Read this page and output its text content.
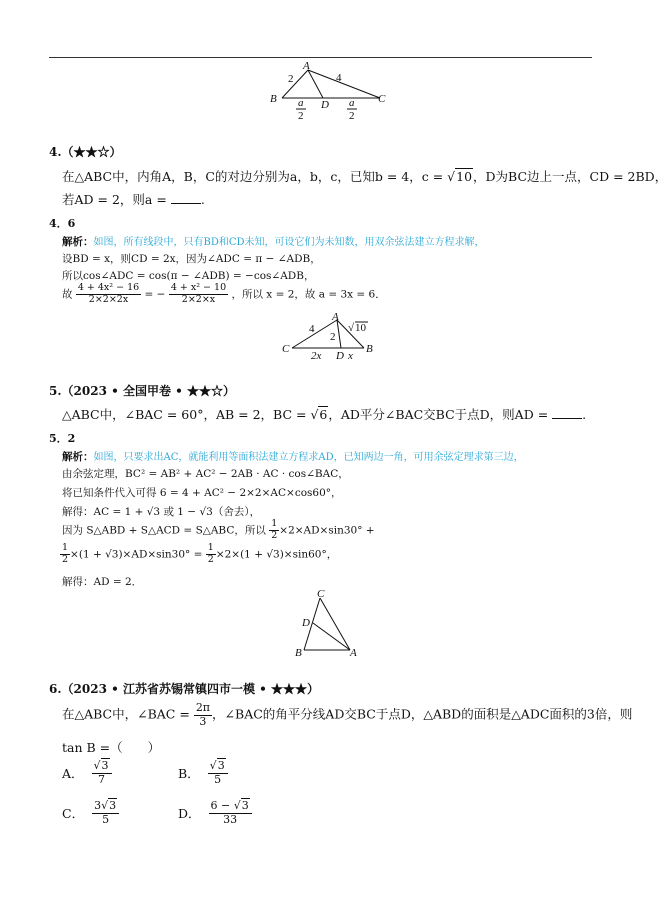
A
B	C
D
2	4
a
2
a
2
4.（★★☆）
在△ABC中，内角A，B，C的对边分别为a，b，c，已知b = 4，c = √10，D为BC边上一点，CD = 2BD，
若AD = 2，则a =	.
4．6
解析：如图，所有线段中，只有BD和CD未知，可设它们为未知数，用双余弦法建立方程求解，
设BD = x，则CD = 2x，因为∠ADC = π − ∠ADB，
所以cos∠ADC = cos(π − ∠ADB) = −cos∠ADB，
故 $\frac{\text{4 + 4x² − 16}}{2\times 2\times 2x}$ = − $\frac{\text{4 + x² − 10}}{2\times 2\times x}$ ，所以 x = 2，故 a = 3x = 6．
A
C	B
D
4
2
√ 10
2x x
5.（2023 • 全国甲卷 • ★★☆）
△ABC中，∠BAC = 60°，AB = 2，BC = √6，AD平分∠BAC交BC于点D，则AD =	.
5．2
解析：如图，只要求出AC，就能利用等面积法建立方程求AD，已知两边一角，可用余弦定理求第三边，
由余弦定理，BC² = AB² + AC² − 2AB · AC · cos∠BAC，
将已知条件代入可得 6 = 4 + AC² − 2×2×AC×cos60°，
解得：AC = 1 + √3 或 1 − √3（舍去），
因为 S△ABD + S△ACD = S△ABC，所以 $\frac{1}{2} \times 2\times AD\times\sin 30^\circ$ +
$\frac{1}{2} \times(1 + √3)\times AD\times\sin 30^\circ = \frac{1}{2} \times 2\times(1 + √3)\times\sin 60^\circ$，
解得：AD = 2．
C
D
B	A
6.（2023 • 江苏省苏锡常镇四市一模 • ★★★）
在△ABC中，∠BAC = $\frac{2\pi}{3}$ ，∠BAC的角平分线AD交BC于点D，△ABD的面积是△ADC面积的3倍，则
tan B =（　　）
A． $\frac{√3}{7}$	B． $\frac{√3}{5}$
C． $\frac{3√3}{5}$	D． $\frac{6 - √3}{33}$
